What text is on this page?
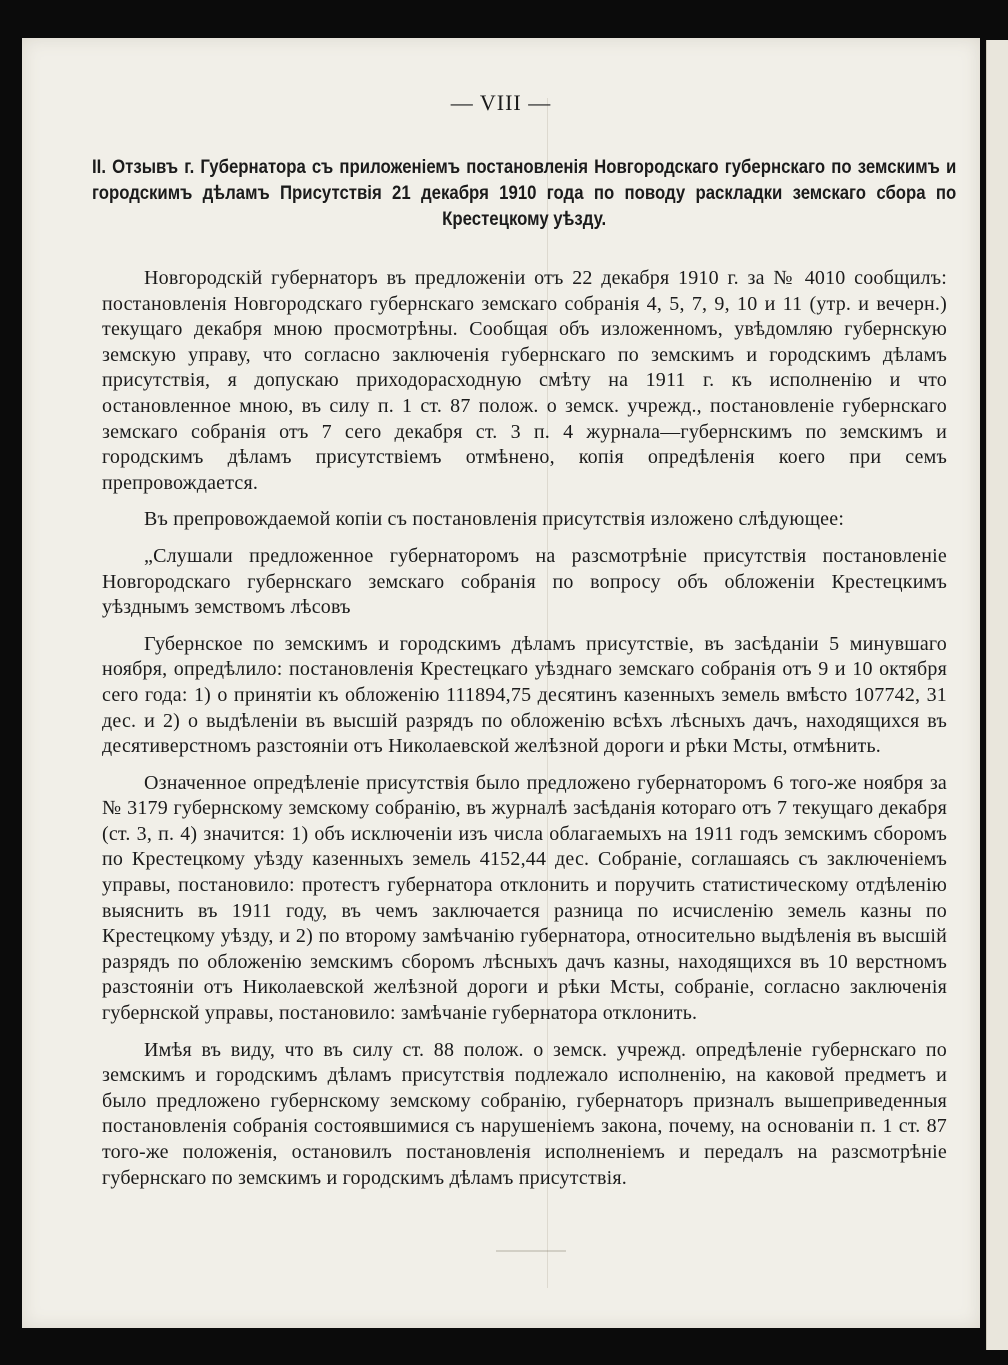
— VIII —
II. Отзывъ г. Губернатора съ приложеніемъ постановленія Новгородскаго губернскаго по земскимъ и городскимъ дѣламъ Присутствія 21 декабря 1910 года по поводу раскладки земскаго сбора по Крестецкому уѣзду.

Новгородскій губернаторъ въ предложеніи отъ 22 декабря 1910 г. за № 4010 сообщилъ: постановленія Новгородскаго губернскаго земскаго собранія 4, 5, 7, 9, 10 и 11 (утр. и вечерн.) текущаго декабря мною просмотрѣны. Сообщая объ изложенномъ, увѣдомляю губернскую земскую управу, что согласно заключенія губернскаго по земскимъ и городскимъ дѣламъ присутствія, я допускаю приходорасходную смѣту на 1911 г. къ исполненію и что остановленное мною, въ силу п. 1 ст. 87 полож. о земск. учрежд., постановленіе губернскаго земскаго собранія отъ 7 сего декабря ст. 3 п. 4 журнала—губернскимъ по земскимъ и городскимъ дѣламъ присутствіемъ отмѣнено, копія опредѣленія коего при семъ препровождается.

Въ препровождаемой копіи съ постановленія присутствія изложено слѣдующее:

„Слушали предложенное губернаторомъ на разсмотрѣніе присутствія постановленіе Новгородскаго губернскаго земскаго собранія по вопросу объ обложеніи Крестецкимъ уѣзднымъ земствомъ лѣсовъ

Губернское по земскимъ и городскимъ дѣламъ присутствіе, въ засѣданіи 5 минувшаго ноября, опредѣлило: постановленія Крестецкаго уѣзднаго земскаго собранія отъ 9 и 10 октября сего года: 1) о принятіи къ обложенію 111894,75 десятинъ казенныхъ земель вмѣсто 107742, 31 дес. и 2) о выдѣленіи въ высшій разрядъ по обложенію всѣхъ лѣсныхъ дачъ, находящихся въ десятиверстномъ разстояніи отъ Николаевской желѣзной дороги и рѣки Мсты, отмѣнить.

Означенное опредѣленіе присутствія было предложено губернаторомъ 6 того-же ноября за № 3179 губернскому земскому собранію, въ журналѣ засѣданія котораго отъ 7 текущаго декабря (ст. 3, п. 4) значится: 1) объ исключеніи изъ числа облагаемыхъ на 1911 годъ земскимъ сборомъ по Крестецкому уѣзду казенныхъ земель 4152,44 дес. Собраніе, соглашаясь съ заключеніемъ управы, постановило: протестъ губернатора отклонить и поручить статистическому отдѣленію выяснить въ 1911 году, въ чемъ заключается разница по исчисленію земель казны по Крестецкому уѣзду, и 2) по второму замѣчанію губернатора, относительно выдѣленія въ высшій разрядъ по обложенію земскимъ сборомъ лѣсныхъ дачъ казны, находящихся въ 10 верстномъ разстояніи отъ Николаевской желѣзной дороги и рѣки Мсты, собраніе, согласно заключенія губернской управы, постановило: замѣчаніе губернатора отклонить.

Имѣя въ виду, что въ силу ст. 88 полож. о земск. учрежд. опредѣленіе губернскаго по земскимъ и городскимъ дѣламъ присутствія подлежало исполненію, на каковой предметъ и было предложено губернскому земскому собранію, губернаторъ призналъ вышеприведенныя постановленія собранія состоявшимися съ нарушеніемъ закона, почему, на основаніи п. 1 ст. 87 того-же положенія, остановилъ постановленія исполненіемъ и передалъ на разсмотрѣніе губернскаго по земскимъ и городскимъ дѣламъ присутствія.
